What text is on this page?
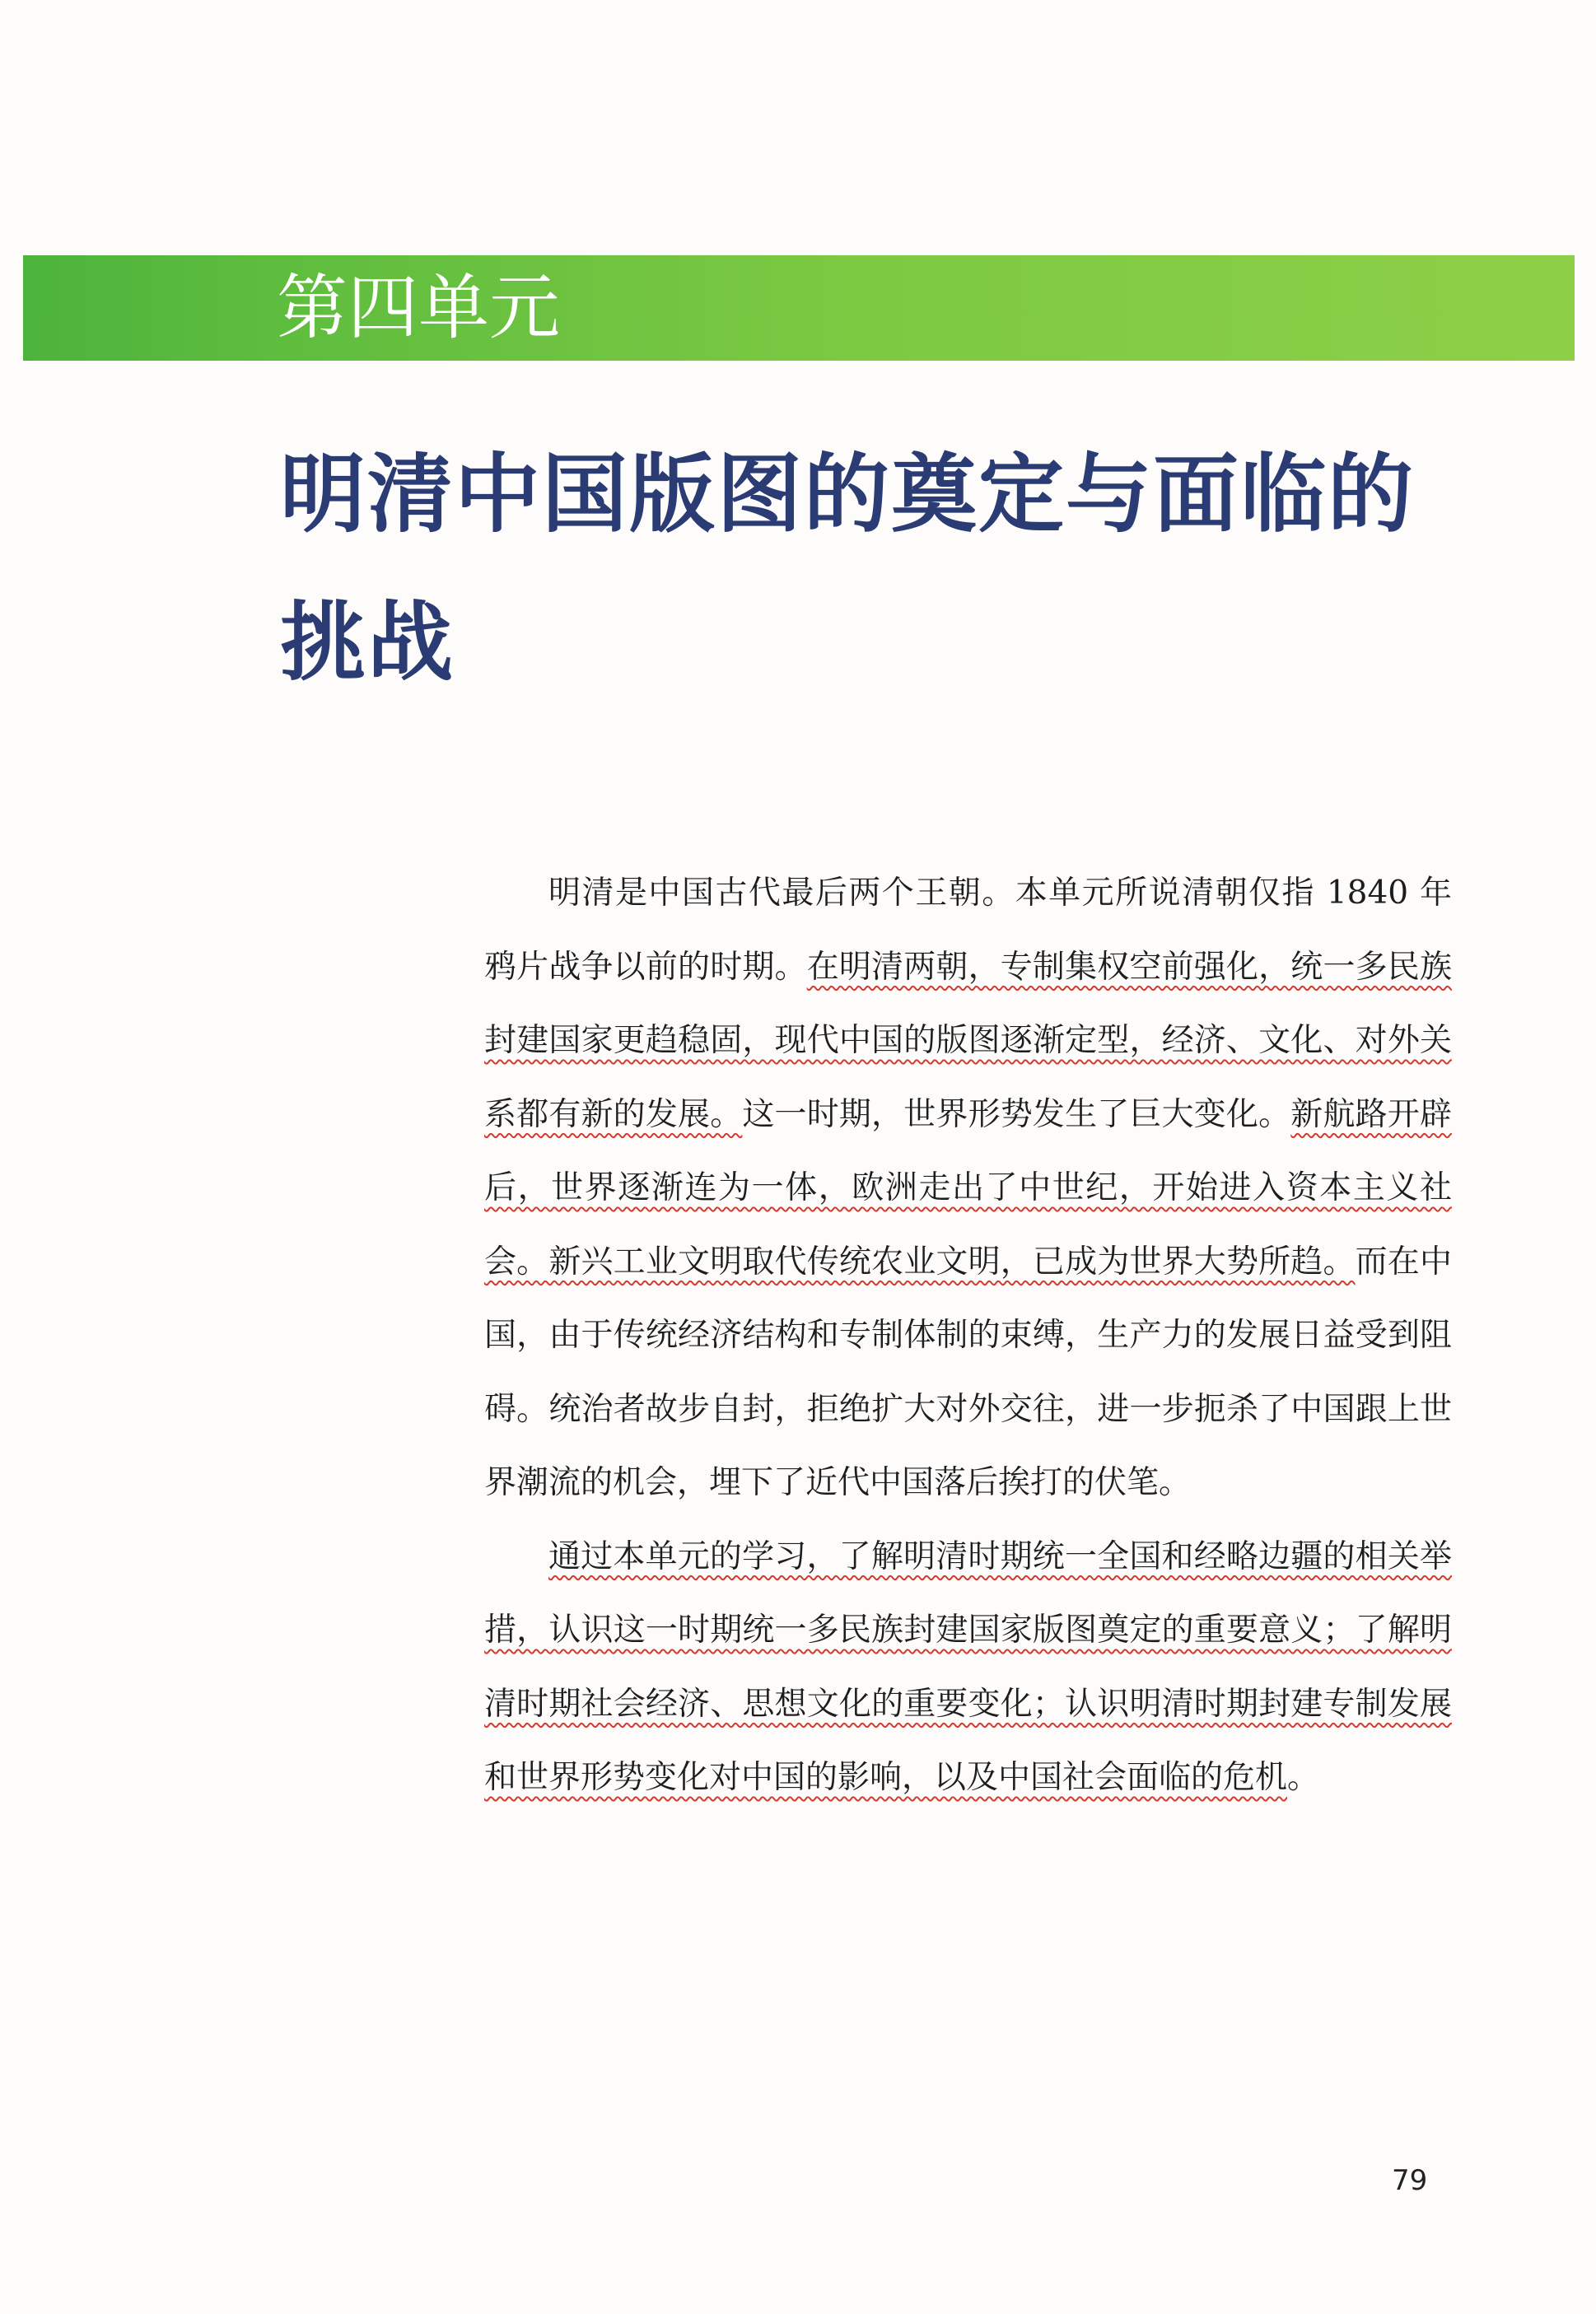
第四单元
明清中国版图的奠定与面临的
挑战

明清是中国古代最后两个王朝。本单元所说清朝仅指 1840 年鸦片战争以前的时期。在明清两朝，专制集权空前强化，统一多民族封建国家更趋稳固，现代中国的版图逐渐定型，经济、文化、对外关系都有新的发展。这一时期，世界形势发生了巨大变化。新航路开辟后，世界逐渐连为一体，欧洲走出了中世纪，开始进入资本主义社会。新兴工业文明取代传统农业文明，已成为世界大势所趋。而在中国，由于传统经济结构和专制体制的束缚，生产力的发展日益受到阻碍。统治者故步自封，拒绝扩大对外交往，进一步扼杀了中国跟上世界潮流的机会，埋下了近代中国落后挨打的伏笔。

通过本单元的学习，了解明清时期统一全国和经略边疆的相关举措，认识这一时期统一多民族封建国家版图奠定的重要意义；了解明清时期社会经济、思想文化的重要变化；认识明清时期封建专制发展和世界形势变化对中国的影响，以及中国社会面临的危机。

79
